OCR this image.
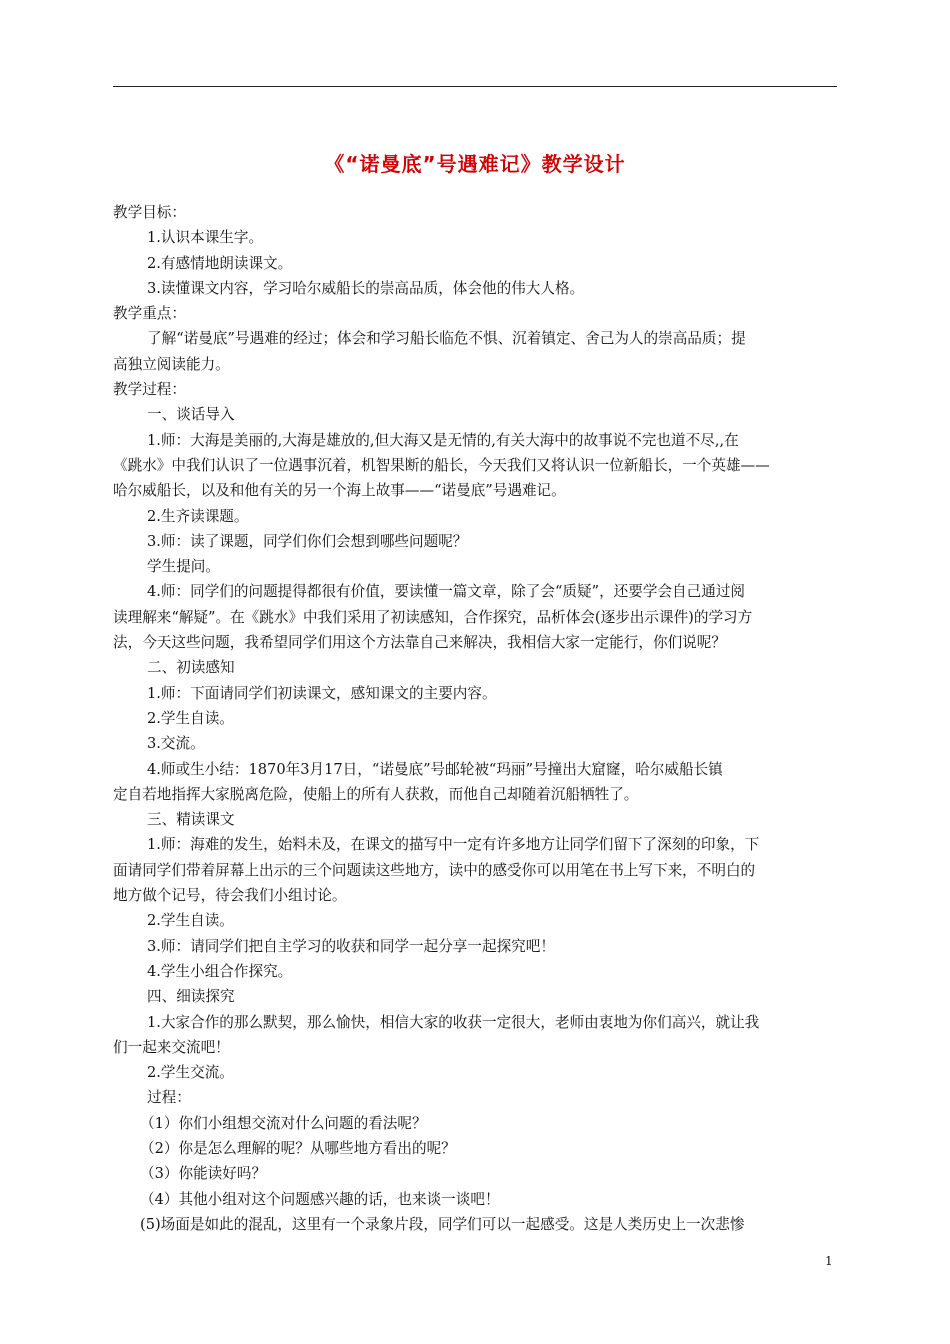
《“诺曼底”号遇难记》教学设计
教学目标：
1.认识本课生字。
2.有感情地朗读课文。
3.读懂课文内容，学习哈尔威船长的崇高品质，体会他的伟大人格。
教学重点：
了解“诺曼底”号遇难的经过；体会和学习船长临危不惧、沉着镇定、舍己为人的崇高品质；提
高独立阅读能力。
教学过程：
一、谈话导入
1.师：大海是美丽的,大海是雄放的,但大海又是无情的,有关大海中的故事说不完也道不尽,,在
《跳水》中我们认识了一位遇事沉着，机智果断的船长，今天我们又将认识一位新船长，一个英雄——
哈尔威船长，以及和他有关的另一个海上故事——“诺曼底”号遇难记。
2.生齐读课题。
3.师：读了课题，同学们你们会想到哪些问题呢？
学生提问。
4.师：同学们的问题提得都很有价值，要读懂一篇文章，除了会“质疑”，还要学会自己通过阅
读理解来“解疑”。在《跳水》中我们采用了初读感知，合作探究，品析体会(逐步出示课件)的学习方
法，今天这些问题，我希望同学们用这个方法靠自己来解决，我相信大家一定能行，你们说呢？
二、初读感知
1.师：下面请同学们初读课文，感知课文的主要内容。
2.学生自读。
3.交流。
4.师或生小结：1870年3月17日，“诺曼底”号邮轮被“玛丽”号撞出大窟窿，哈尔威船长镇
定自若地指挥大家脱离危险，使船上的所有人获救，而他自己却随着沉船牺牲了。
三、精读课文
1.师：海难的发生，始料未及，在课文的描写中一定有许多地方让同学们留下了深刻的印象，下
面请同学们带着屏幕上出示的三个问题读这些地方，读中的感受你可以用笔在书上写下来，不明白的
地方做个记号，待会我们小组讨论。
2.学生自读。
3.师：请同学们把自主学习的收获和同学一起分享一起探究吧！
4.学生小组合作探究。
四、细读探究
1.大家合作的那么默契，那么愉快，相信大家的收获一定很大，老师由衷地为你们高兴，就让我
们一起来交流吧！
2.学生交流。
过程：
（1）你们小组想交流对什么问题的看法呢？
（2）你是怎么理解的呢？从哪些地方看出的呢？
（3）你能读好吗？
（4）其他小组对这个问题感兴趣的话，也来谈一谈吧！
(5)场面是如此的混乱，这里有一个录象片段，同学们可以一起感受。这是人类历史上一次悲惨
1
